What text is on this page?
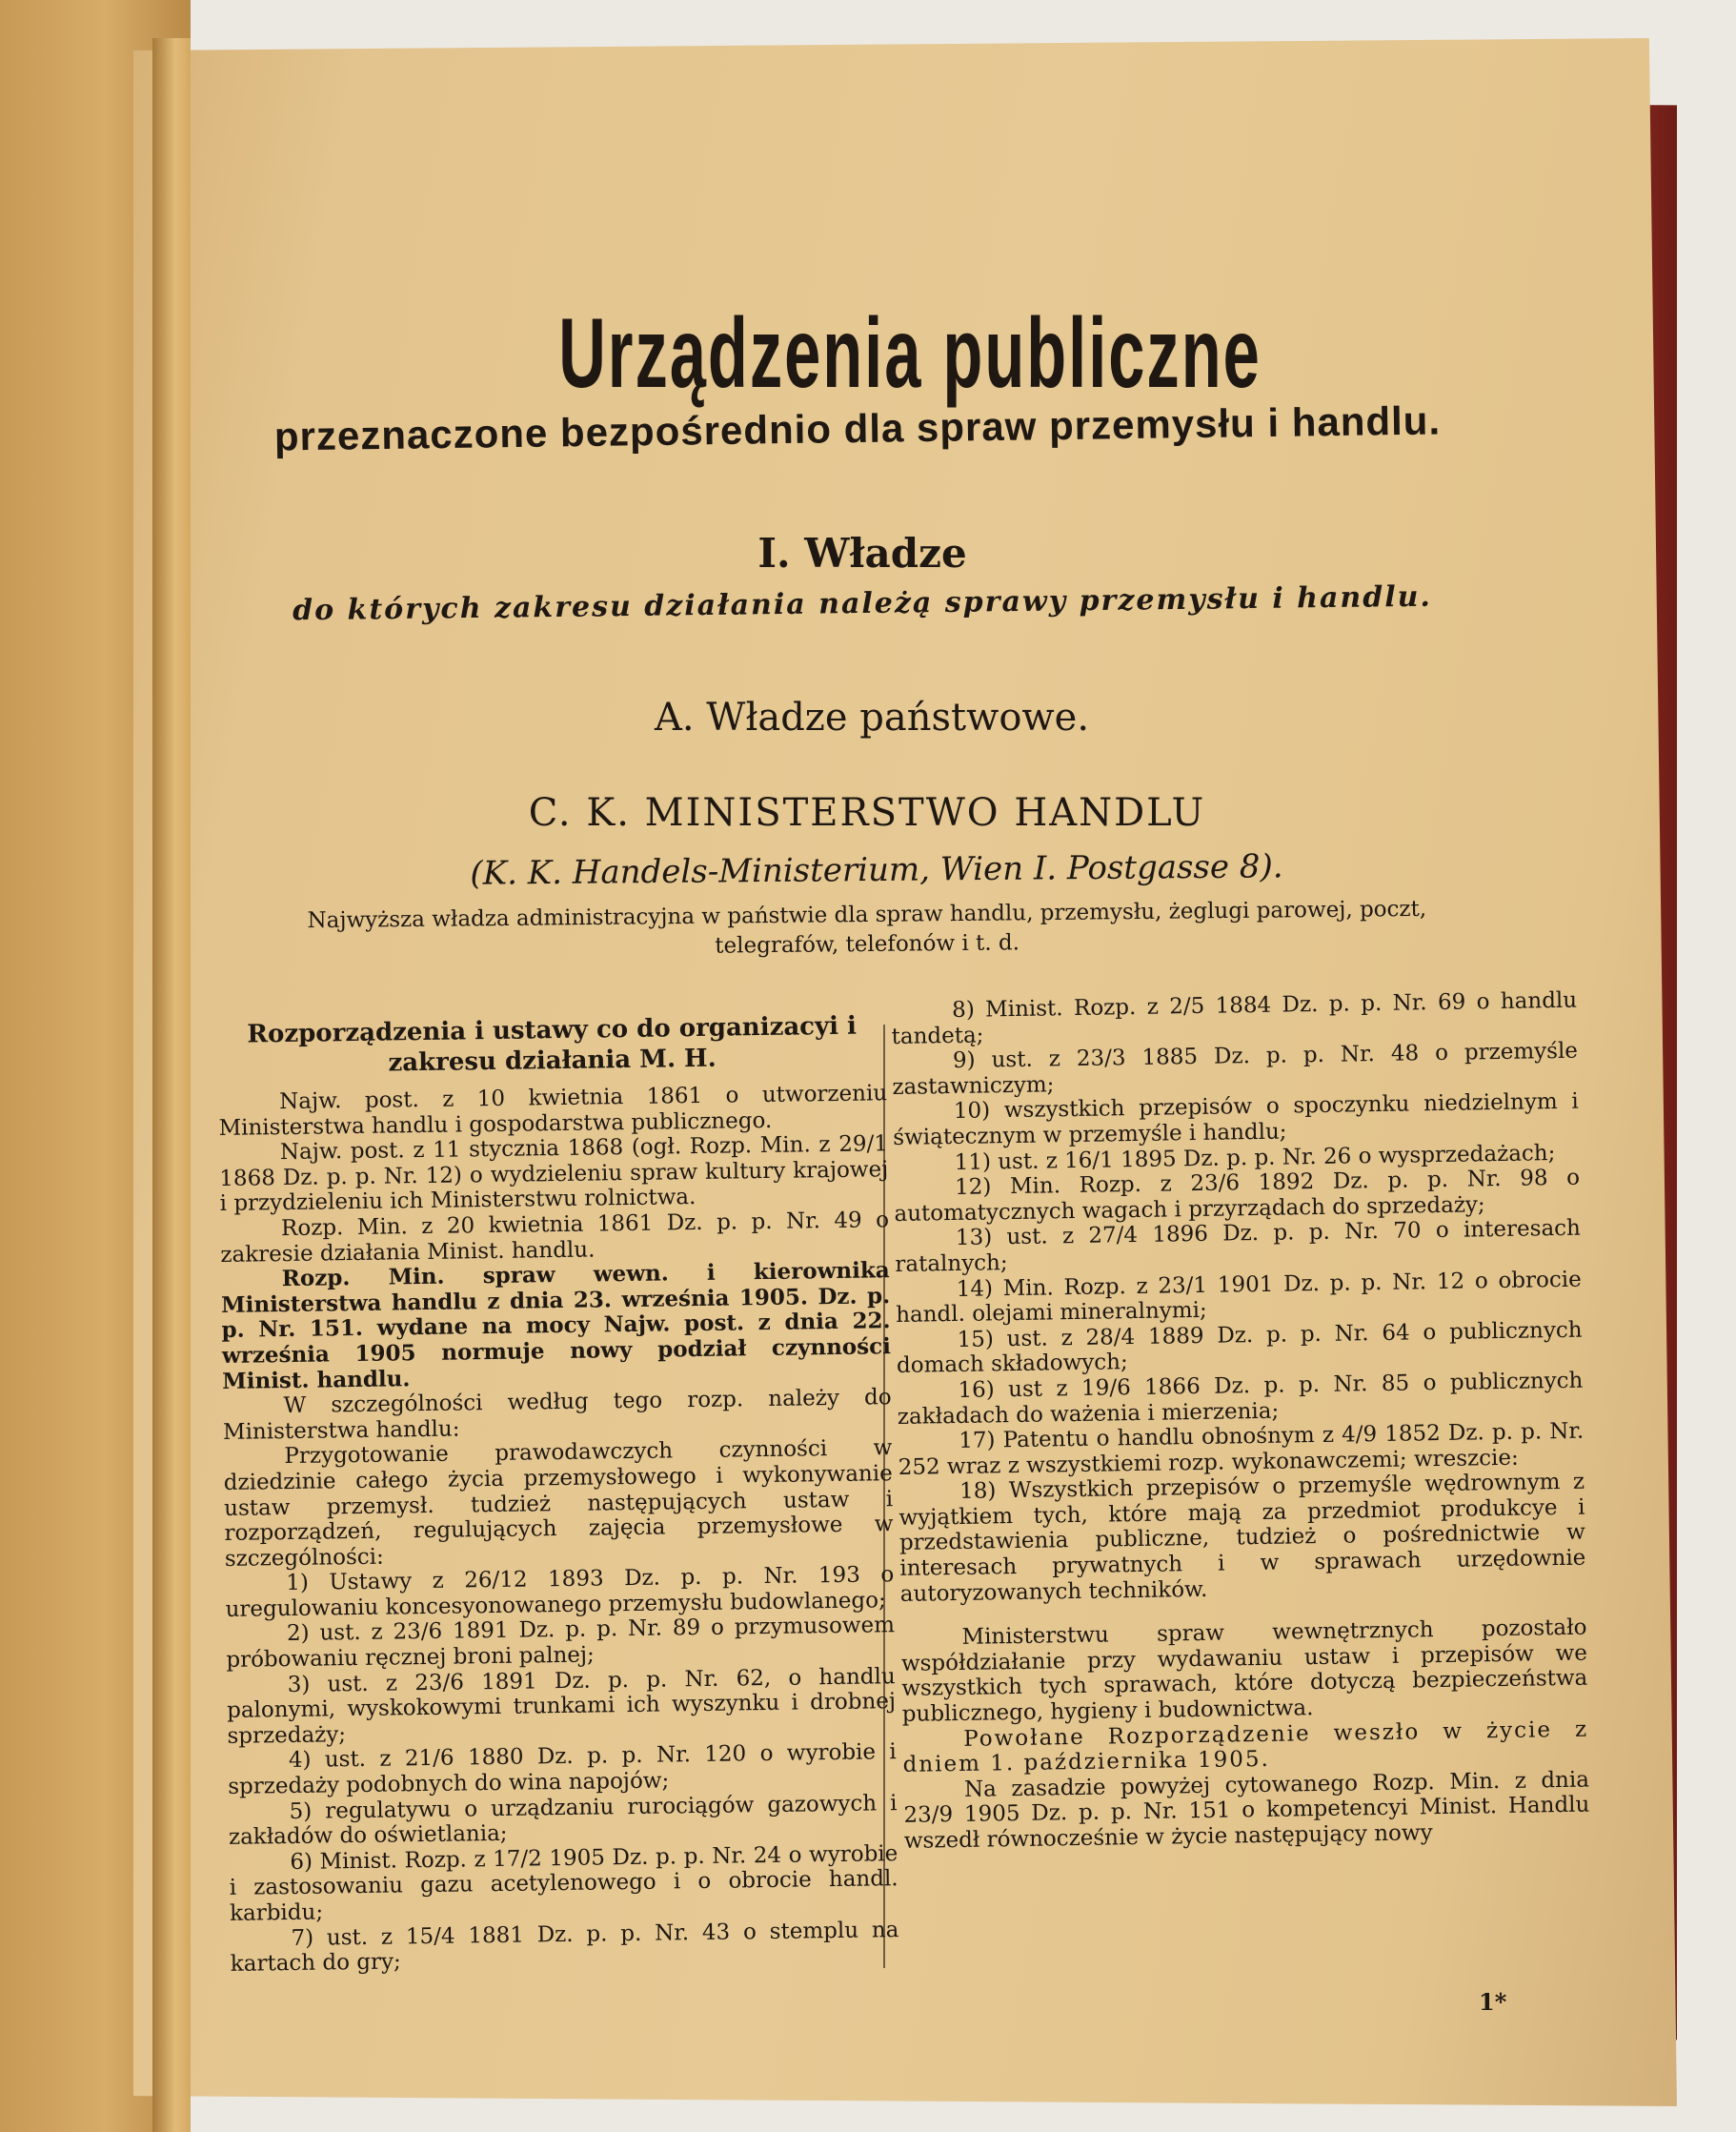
Urządzenia publiczne
przeznaczone bezpośrednio dla spraw przemysłu i handlu.
I. Władze
do których zakresu działania należą sprawy przemysłu i handlu.
A. Władze państwowe.
C. K. MINISTERSTWO HANDLU
(K. K. Handels-Ministerium, Wien I. Postgasse 8).
Najwyższa władza administracyjna w państwie dla spraw handlu, przemysłu, żeglugi parowej, poczt, telegrafów, telefonów i t. d.
Rozporządzenia i ustawy co do organizacyi i zakresu działania M. H.

Najw. post. z 10 kwietnia 1861 o utworzeniu Ministerstwa handlu i gospodarstwa publicznego.

Najw. post. z 11 stycznia 1868 (ogł. Rozp. Min. z 29/1 1868 Dz. p. p. Nr. 12) o wydzieleniu spraw kultury krajowej i przydzieleniu ich Ministerstwu rolnictwa.

Rozp. Min. z 20 kwietnia 1861 Dz. p. p. Nr. 49 o zakresie działania Minist. handlu.

Rozp. Min. spraw wewn. i kierownika Ministerstwa handlu z dnia 23. września 1905. Dz. p. p. Nr. 151. wydane na mocy Najw. post. z dnia 22. września 1905 normuje nowy podział czynności Minist. handlu.

W szczególności według tego rozp. należy do Ministerstwa handlu:

Przygotowanie prawodawczych czynności w dziedzinie całego życia przemysłowego i wykonywanie ustaw przemysł. tudzież następujących ustaw i rozporządzeń, regulujących zajęcia przemysłowe w szczególności:

1) Ustawy z 26/12 1893 Dz. p. p. Nr. 193 o uregulowaniu koncesyonowanego przemysłu budowlanego;

2) ust. z 23/6 1891 Dz. p. p. Nr. 89 o przymusowem próbowaniu ręcznej broni palnej;

3) ust. z 23/6 1891 Dz. p. p. Nr. 62, o handlu palonymi, wyskokowymi trunkami ich wyszynku i drobnej sprzedaży;

4) ust. z 21/6 1880 Dz. p. p. Nr. 120 o wyrobie i sprzedaży podobnych do wina napojów;

5) regulatywu o urządzaniu rurociągów gazowych i zakładów do oświetlania;

6) Minist. Rozp. z 17/2 1905 Dz. p. p. Nr. 24 o wyrobie i zastosowaniu gazu acetylenowego i o obrocie handl. karbidu;

7) ust. z 15/4 1881 Dz. p. p. Nr. 43 o stemplu na kartach do gry;

8) Minist. Rozp. z 2/5 1884 Dz. p. p. Nr. 69 o handlu tandetą;

9) ust. z 23/3 1885 Dz. p. p. Nr. 48 o przemyśle zastawniczym;

10) wszystkich przepisów o spoczynku niedzielnym i świątecznym w przemyśle i handlu;

11) ust. z 16/1 1895 Dz. p. p. Nr. 26 o wysprzedażach;

12) Min. Rozp. z 23/6 1892 Dz. p. p. Nr. 98 o automatycznych wagach i przyrządach do sprzedaży;

13) ust. z 27/4 1896 Dz. p. p. Nr. 70 o interesach ratalnych;

14) Min. Rozp. z 23/1 1901 Dz. p. p. Nr. 12 o obrocie handl. olejami mineralnymi;

15) ust. z 28/4 1889 Dz. p. p. Nr. 64 o publicznych domach składowych;

16) ust z 19/6 1866 Dz. p. p. Nr. 85 o publicznych zakładach do ważenia i mierzenia;

17) Patentu o handlu obnośnym z 4/9 1852 Dz. p. p. Nr. 252 wraz z wszystkiemi rozp. wykonawczemi; wreszcie:

18) Wszystkich przepisów o przemyśle wędrownym z wyjątkiem tych, które mają za przedmiot produkcye i przedstawienia publiczne, tudzież o pośrednictwie w interesach prywatnych i w sprawach urzędownie autoryzowanych techników.

Ministerstwu spraw wewnętrznych pozostało współdziałanie przy wydawaniu ustaw i przepisów we wszystkich tych sprawach, które dotyczą bezpieczeństwa publicznego, hygieny i budownictwa.

Powołane Rozporządzenie weszło w życie z dniem 1. października 1905.

Na zasadzie powyżej cytowanego Rozp. Min. z dnia 23/9 1905 Dz. p. p. Nr. 151 o kompetencyi Minist. Handlu wszedł równocześnie w życie następujący nowy

1*
